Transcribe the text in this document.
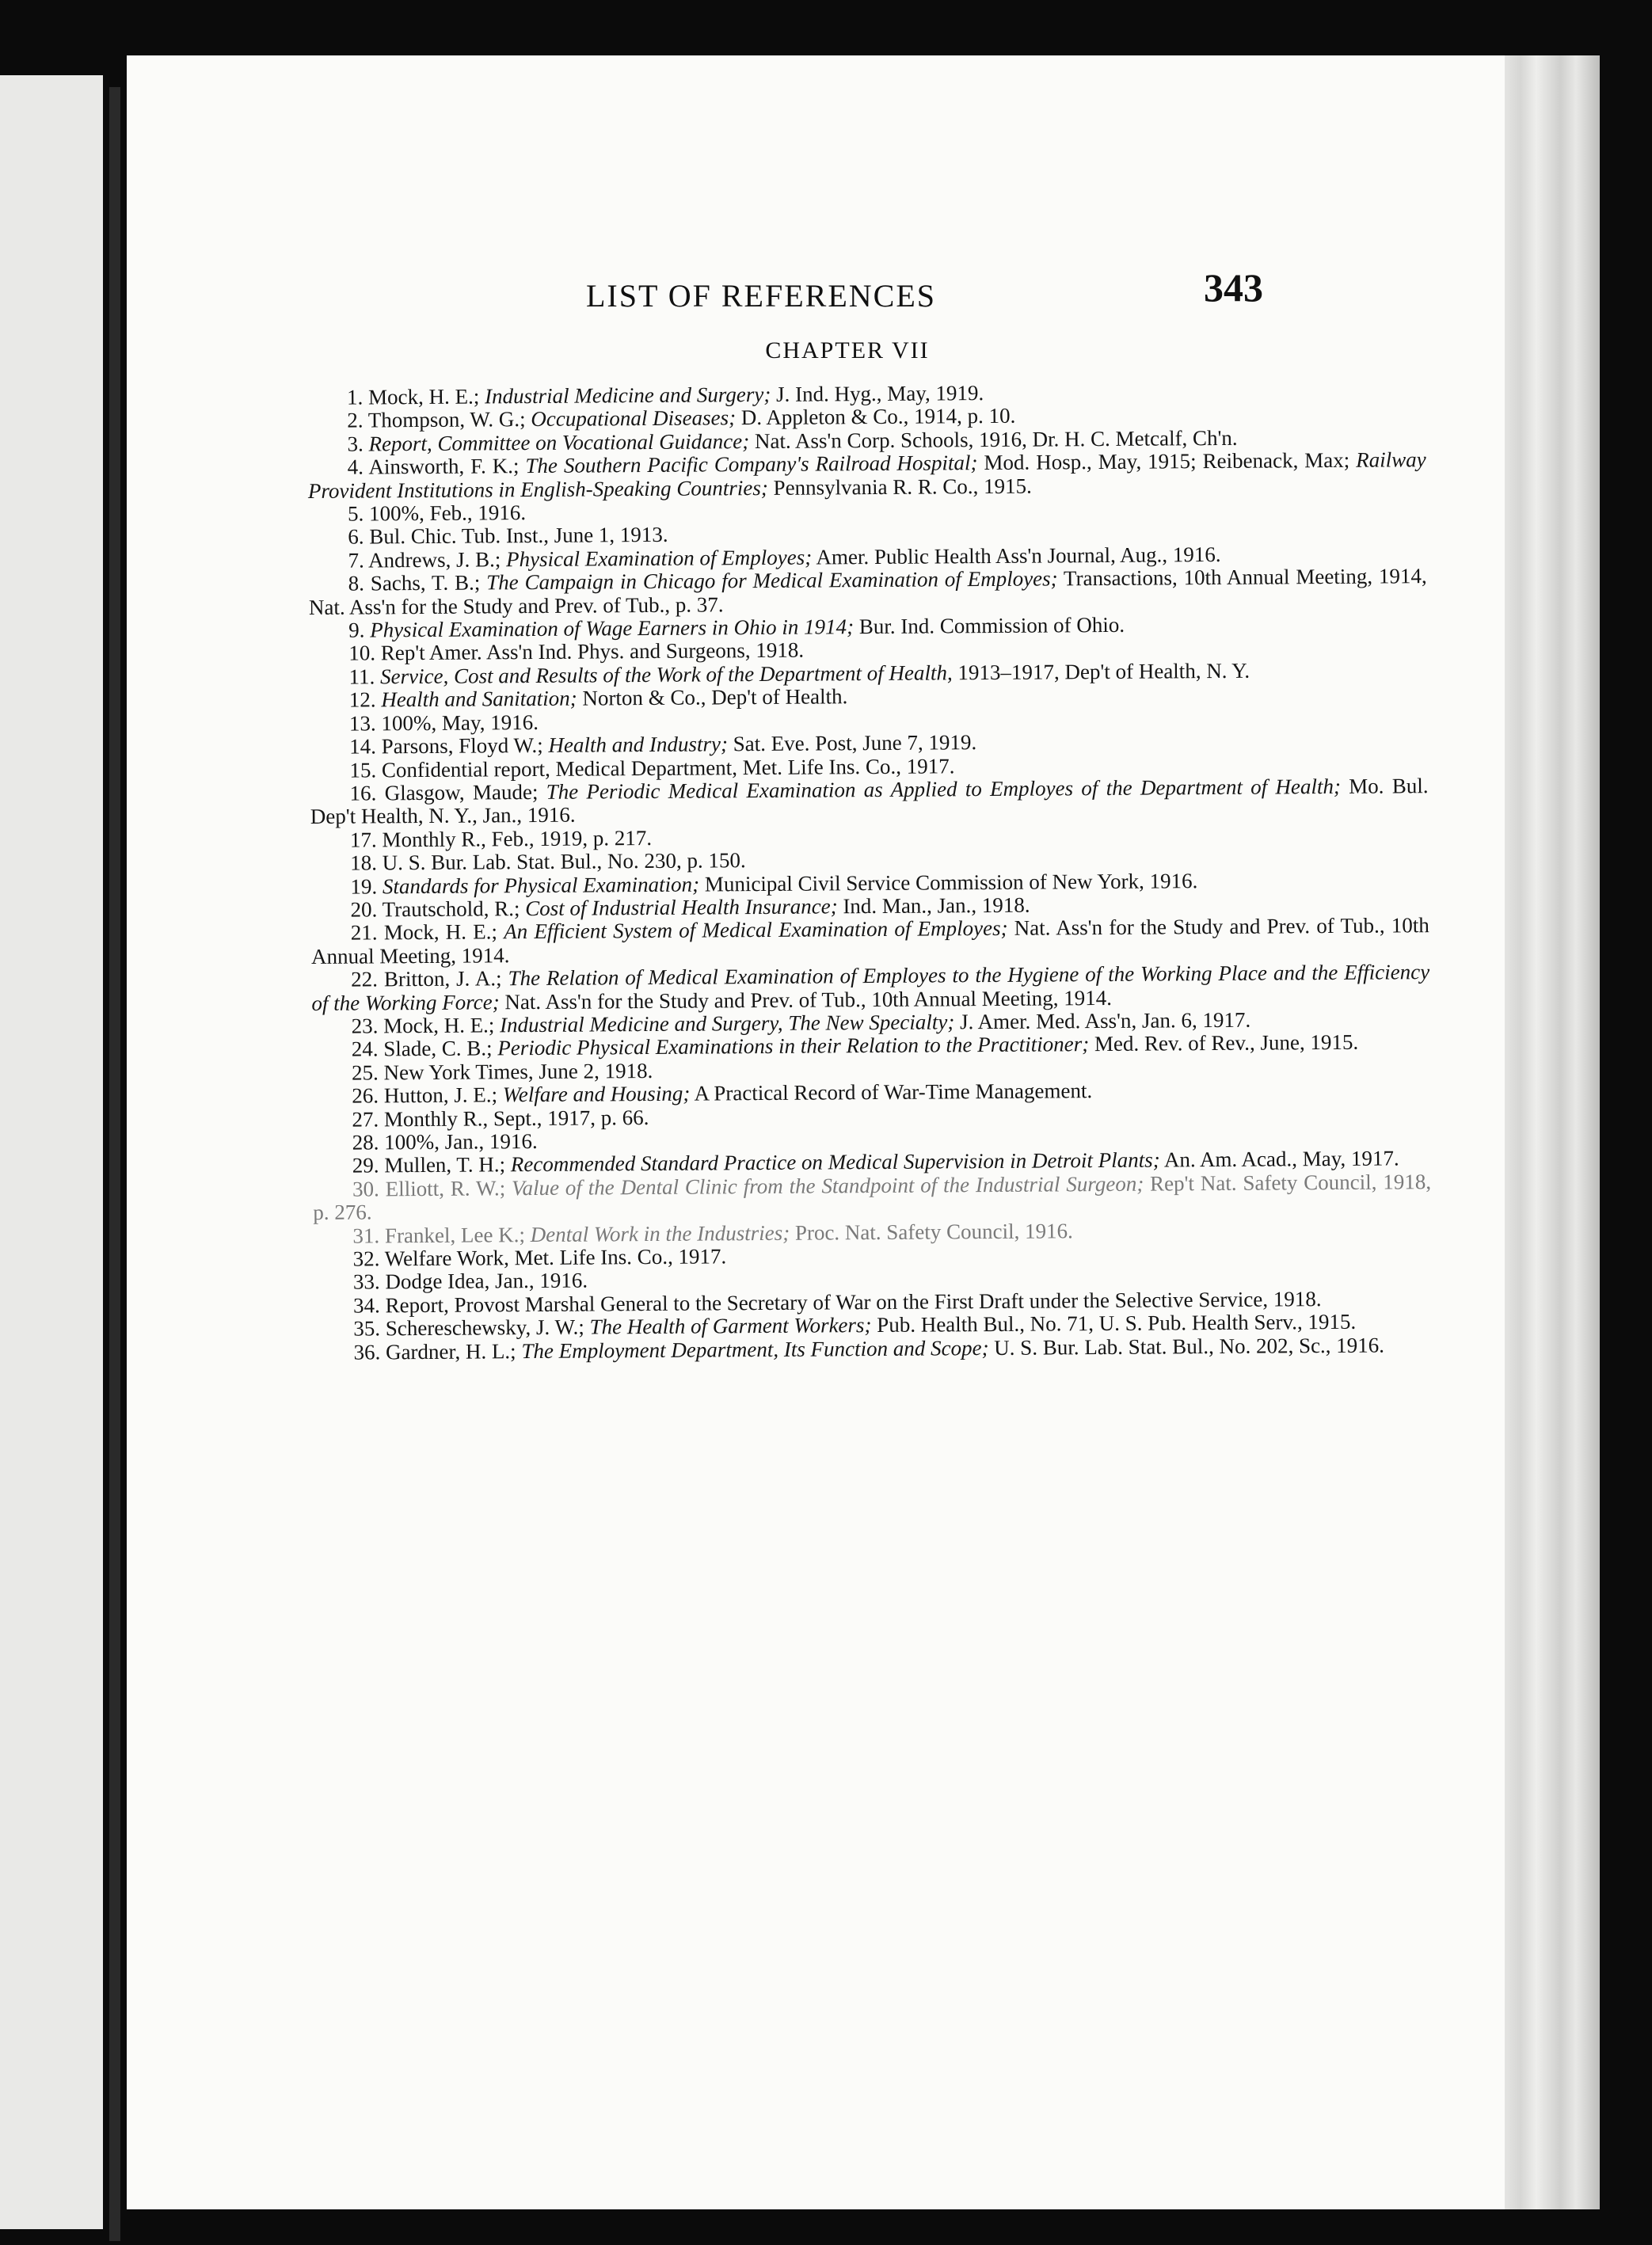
LIST OF REFERENCES	343
CHAPTER VII

1. Mock, H. E.; Industrial Medicine and Surgery; J. Ind. Hyg., May, 1919.

2. Thompson, W. G.; Occupational Diseases; D. Appleton & Co., 1914, p. 10.

3. Report, Committee on Vocational Guidance; Nat. Ass'n Corp. Schools, 1916, Dr. H. C. Metcalf, Ch'n.

4. Ainsworth, F. K.; The Southern Pacific Company's Railroad Hospital; Mod. Hosp., May, 1915; Reibenack, Max; Railway Provident Institutions in English-Speaking Countries; Pennsylvania R. R. Co., 1915.

5. 100%, Feb., 1916.

6. Bul. Chic. Tub. Inst., June 1, 1913.

7. Andrews, J. B.; Physical Examination of Employes; Amer. Public Health Ass'n Journal, Aug., 1916.

8. Sachs, T. B.; The Campaign in Chicago for Medical Examination of Employes; Transactions, 10th Annual Meeting, 1914, Nat. Ass'n for the Study and Prev. of Tub., p. 37.

9. Physical Examination of Wage Earners in Ohio in 1914; Bur. Ind. Commission of Ohio.

10. Rep't Amer. Ass'n Ind. Phys. and Surgeons, 1918.

11. Service, Cost and Results of the Work of the Department of Health, 1913–1917, Dep't of Health, N. Y.

12. Health and Sanitation; Norton & Co., Dep't of Health.

13. 100%, May, 1916.

14. Parsons, Floyd W.; Health and Industry; Sat. Eve. Post, June 7, 1919.

15. Confidential report, Medical Department, Met. Life Ins. Co., 1917.

16. Glasgow, Maude; The Periodic Medical Examination as Applied to Employes of the Department of Health; Mo. Bul. Dep't Health, N. Y., Jan., 1916.

17. Monthly R., Feb., 1919, p. 217.

18. U. S. Bur. Lab. Stat. Bul., No. 230, p. 150.

19. Standards for Physical Examination; Municipal Civil Service Commission of New York, 1916.

20. Trautschold, R.; Cost of Industrial Health Insurance; Ind. Man., Jan., 1918.

21. Mock, H. E.; An Efficient System of Medical Examination of Employes; Nat. Ass'n for the Study and Prev. of Tub., 10th Annual Meeting, 1914.

22. Britton, J. A.; The Relation of Medical Examination of Employes to the Hygiene of the Working Place and the Efficiency of the Working Force; Nat. Ass'n for the Study and Prev. of Tub., 10th Annual Meeting, 1914.

23. Mock, H. E.; Industrial Medicine and Surgery, The New Specialty; J. Amer. Med. Ass'n, Jan. 6, 1917.

24. Slade, C. B.; Periodic Physical Examinations in their Relation to the Practitioner; Med. Rev. of Rev., June, 1915.

25. New York Times, June 2, 1918.

26. Hutton, J. E.; Welfare and Housing; A Practical Record of War-Time Management.

27. Monthly R., Sept., 1917, p. 66.

28. 100%, Jan., 1916.

29. Mullen, T. H.; Recommended Standard Practice on Medical Supervision in Detroit Plants; An. Am. Acad., May, 1917.

30. Elliott, R. W.; Value of the Dental Clinic from the Standpoint of the Industrial Surgeon; Rep't Nat. Safety Council, 1918, p. 276.

31. Frankel, Lee K.; Dental Work in the Industries; Proc. Nat. Safety Council, 1916.

32. Welfare Work, Met. Life Ins. Co., 1917.

33. Dodge Idea, Jan., 1916.

34. Report, Provost Marshal General to the Secretary of War on the First Draft under the Selective Service, 1918.

35. Schereschewsky, J. W.; The Health of Garment Workers; Pub. Health Bul., No. 71, U. S. Pub. Health Serv., 1915.

36. Gardner, H. L.; The Employment Department, Its Function and Scope; U. S. Bur. Lab. Stat. Bul., No. 202, Sc., 1916.
